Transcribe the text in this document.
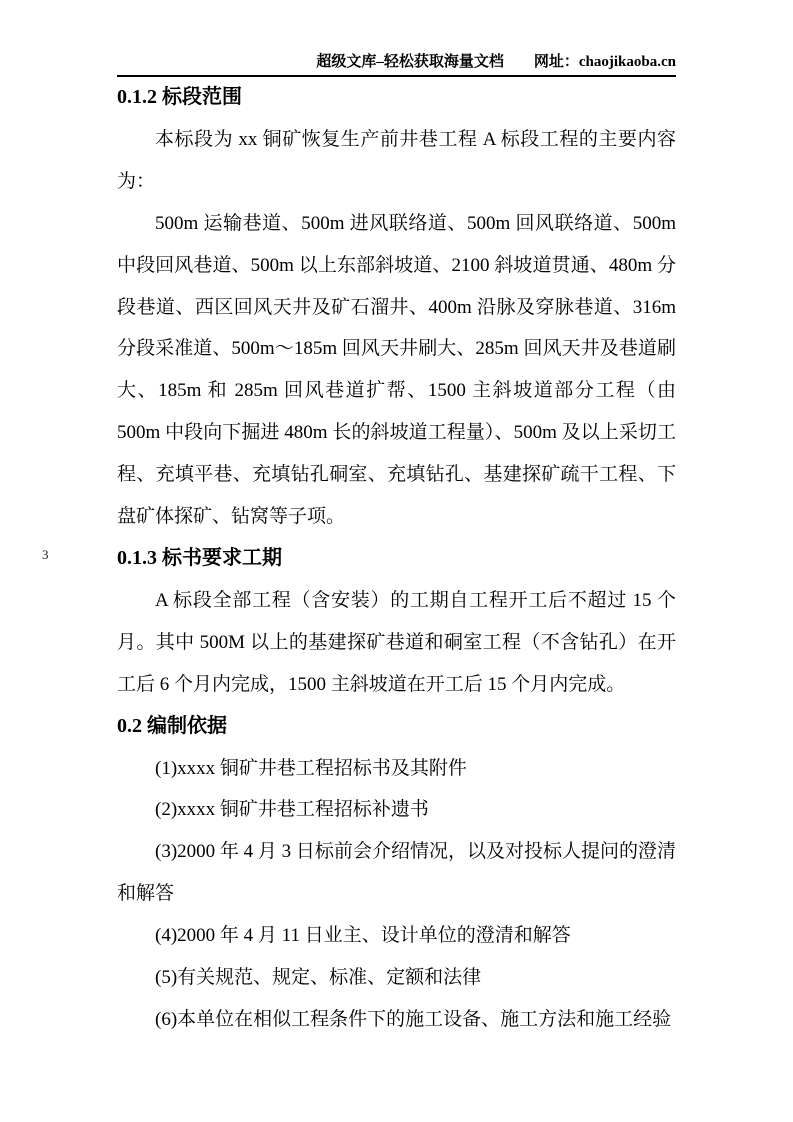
超级文库–轻松获取海量文档 网址：chaojikaoba.cn
3
0.1.2 标段范围
本标段为 xx 铜矿恢复生产前井巷工程 A 标段工程的主要内容为：
500m 运输巷道、500m 进风联络道、500m 回风联络道、500m 中段回风巷道、500m 以上东部斜坡道、2100 斜坡道贯通、480m 分段巷道、西区回风天井及矿石溜井、400m 沿脉及穿脉巷道、316m 分段采准道、500m～185m 回风天井刷大、285m 回风天井及巷道刷大、185m 和 285m 回风巷道扩帮、1500 主斜坡道部分工程（由 500m 中段向下掘进 480m 长的斜坡道工程量）、500m 及以上采切工程、充填平巷、充填钻孔硐室、充填钻孔、基建探矿疏干工程、下盘矿体探矿、钻窝等子项。
0.1.3 标书要求工期
A 标段全部工程（含安装）的工期自工程开工后不超过 15 个月。其中 500M 以上的基建探矿巷道和硐室工程（不含钻孔）在开工后 6 个月内完成，1500 主斜坡道在开工后 15 个月内完成。
0.2 编制依据
(1)xxxx 铜矿井巷工程招标书及其附件
(2)xxxx 铜矿井巷工程招标补遗书
(3)2000 年 4 月 3 日标前会介绍情况，以及对投标人提问的澄清和解答
(4)2000 年 4 月 11 日业主、设计单位的澄清和解答
(5)有关规范、规定、标准、定额和法律
(6)本单位在相似工程条件下的施工设备、施工方法和施工经验
